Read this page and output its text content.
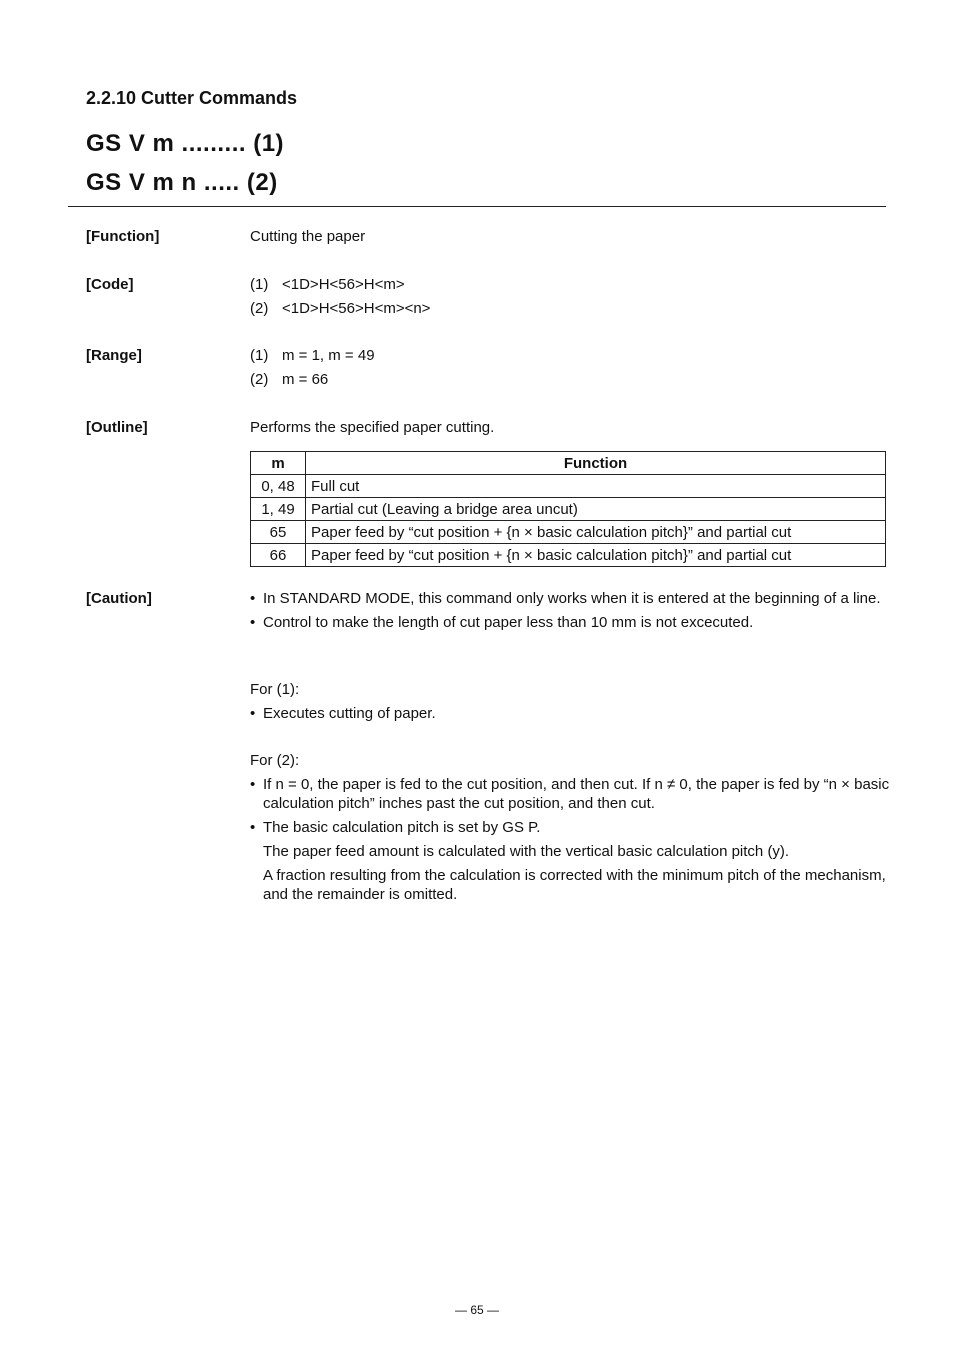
2.2.10 Cutter Commands
GS V m ......... (1)
GS V m n ..... (2)
[Function]	Cutting the paper
[Code]	(1) <1D>H<56>H<m>
(2) <1D>H<56>H<m><n>
[Range]	(1) m = 1, m = 49
(2) m = 66
[Outline]	Performs the specified paper cutting.
m	Function
0, 48	Full cut
1, 49	Partial cut (Leaving a bridge area uncut)
65	Paper feed by “cut position + {n × basic calculation pitch}” and partial cut
66	Paper feed by “cut position + {n × basic calculation pitch}” and partial cut
[Caution]	• In STANDARD MODE, this command only works when it is entered at the beginning of a line.
• Control to make the length of cut paper less than 10 mm is not excecuted.
For (1):
• Executes cutting of paper.
For (2):
• If n = 0, the paper is fed to the cut position, and then cut. If n ≠ 0, the paper is fed by “n × basic calculation pitch” inches past the cut position, and then cut.
• The basic calculation pitch is set by GS P.
The paper feed amount is calculated with the vertical basic calculation pitch (y).
A fraction resulting from the calculation is corrected with the minimum pitch of the mechanism, and the remainder is omitted.
— 65 —
